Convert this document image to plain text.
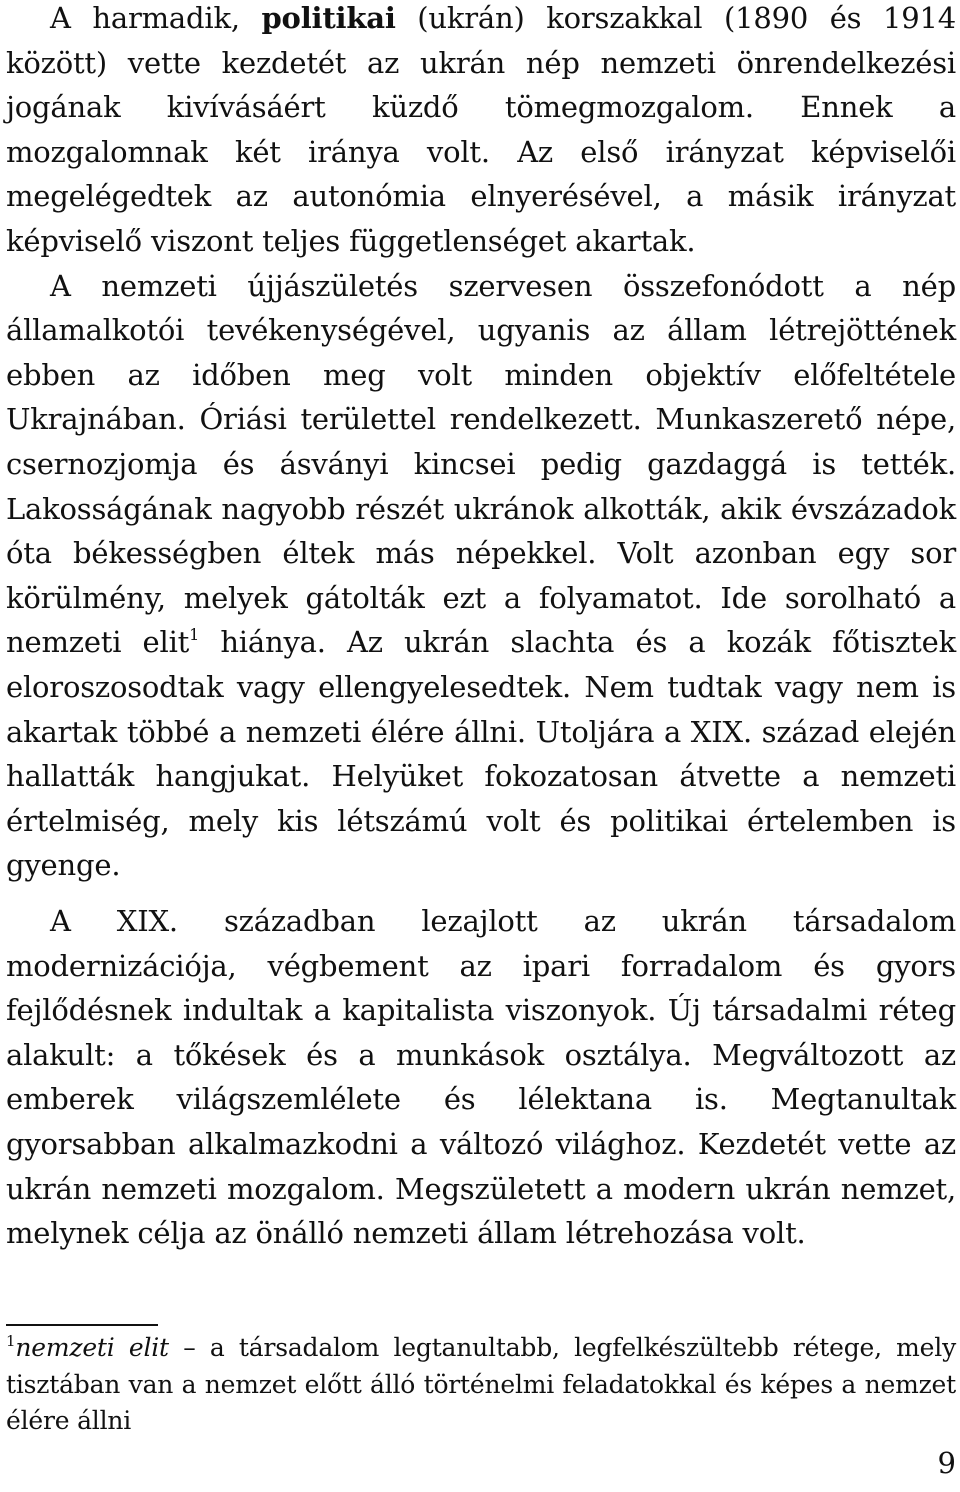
A harmadik, politikai (ukrán) korszakkal (1890 és 1914 között) vette kezdetét az ukrán nép nemzeti önrendelkezési jogának kivívásáért küzdő tömegmozgalom. Ennek a mozgalomnak két iránya volt. Az első irányzat képviselői megelégedtek az autonómia elnyerésével, a másik irányzat képviselő viszont teljes függetlenséget akartak.
A nemzeti újjászületés szervesen összefonódott a nép államalkotói tevékenységével, ugyanis az állam létrejöttének ebben az időben meg volt minden objektív előfeltétele Ukrajnában. Óriási területtel rendelkezett. Munkaszerető népe, csernozjomja és ásványi kincsei pedig gazdaggá is tették. Lakosságának nagyobb részét ukránok alkották, akik évszázadok óta békességben éltek más népekkel. Volt azonban egy sor körülmény, melyek gátolták ezt a folyamatot. Ide sorolható a nemzeti elit$^1$ hiánya. Az ukrán slachta és a kozák főtisztek eloroszosodtak vagy ellengyelesedtek. Nem tudtak vagy nem is akartak többé a nemzeti élére állni. Utoljára a XIX. század elején hallatták hangjukat. Helyüket fokozatosan átvette a nemzeti értelmiség, mely kis létszámú volt és politikai értelemben is gyenge.

A XIX. században lezajlott az ukrán társadalom modernizációja, végbement az ipari forradalom és gyors fejlődésnek indultak a kapitalista viszonyok. Új társadalmi réteg alakult: a tőkések és a munkások osztálya. Megváltozott az emberek világszemlélete és lélektana is. Megtanultak gyorsabban alkalmazkodni a változó világhoz. Kezdetét vette az ukrán nemzeti mozgalom. Megszületett a modern ukrán nemzet, melynek célja az önálló nemzeti állam létrehozása volt.

$^1$nemzeti elit – a társadalom legtanultabb, legfelkészültebb rétege, mely tisztában van a nemzet előtt álló történelmi feladatokkal és képes a nemzet élére állni

9
